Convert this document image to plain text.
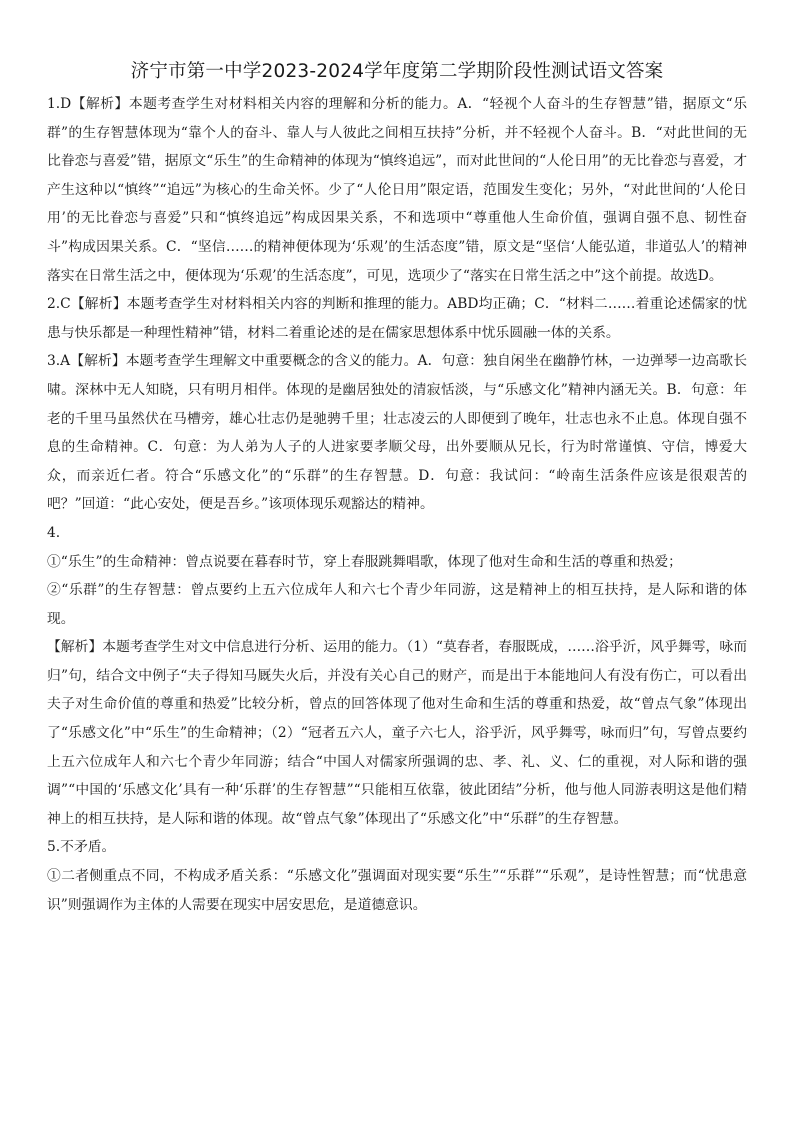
济宁市第一中学2023-2024学年度第二学期阶段性测试语文答案

1.D【解析】本题考查学生对材料相关内容的理解和分析的能力。A．“轻视个人奋斗的生存智慧”错，据原文“乐群”的生存智慧体现为“靠个人的奋斗、靠人与人彼此之间相互扶持”分析，并不轻视个人奋斗。B．“对此世间的无比眷恋与喜爱”错，据原文“乐生”的生命精神的体现为“慎终追远”，而对此世间的“人伦日用”的无比眷恋与喜爱，才产生这种以“慎终”“追远”为核心的生命关怀。少了“人伦日用”限定语，范围发生变化；另外，“对此世间的‘人伦日用’的无比眷恋与喜爱”只和“慎终追远”构成因果关系，不和选项中“尊重他人生命价值，强调自强不息、韧性奋斗”构成因果关系。C．“坚信……的精神便体现为‘乐观’的生活态度”错，原文是“坚信‘人能弘道，非道弘人’的精神落实在日常生活之中，便体现为‘乐观’的生活态度”，可见，选项少了“落实在日常生活之中”这个前提。故选D。

2.C【解析】本题考查学生对材料相关内容的判断和推理的能力。ABD均正确；C．“材料二……着重论述儒家的忧患与快乐都是一种理性精神”错，材料二着重论述的是在儒家思想体系中忧乐圆融一体的关系。

3.A【解析】本题考查学生理解文中重要概念的含义的能力。A．句意：独自闲坐在幽静竹林，一边弹琴一边高歌长啸。深林中无人知晓，只有明月相伴。体现的是幽居独处的清寂恬淡，与“乐感文化”精神内涵无关。B．句意：年老的千里马虽然伏在马槽旁，雄心壮志仍是驰骋千里；壮志凌云的人即便到了晚年，壮志也永不止息。体现自强不息的生命精神。C．句意：为人弟为人子的人进家要孝顺父母，出外要顺从兄长，行为时常谨慎、守信，博爱大众，而亲近仁者。符合“乐感文化”的“乐群”的生存智慧。D．句意：我试问：“岭南生活条件应该是很艰苦的吧？”回道：“此心安处，便是吾乡。”该项体现乐观豁达的精神。

4.

①“乐生”的生命精神：曾点说要在暮春时节，穿上春服跳舞唱歌，体现了他对生命和生活的尊重和热爱；

②“乐群”的生存智慧：曾点要约上五六位成年人和六七个青少年同游，这是精神上的相互扶持，是人际和谐的体现。

【解析】本题考查学生对文中信息进行分析、运用的能力。（1）“莫春者，春服既成，……浴乎沂，风乎舞雩，咏而归”句，结合文中例子“夫子得知马厩失火后，并没有关心自己的财产，而是出于本能地问人有没有伤亡，可以看出夫子对生命价值的尊重和热爱”比较分析，曾点的回答体现了他对生命和生活的尊重和热爱，故“曾点气象”体现出了“乐感文化”中“乐生”的生命精神；（2）“冠者五六人，童子六七人，浴乎沂，风乎舞雩，咏而归”句，写曾点要约上五六位成年人和六七个青少年同游；结合“中国人对儒家所强调的忠、孝、礼、义、仁的重视，对人际和谐的强调”“中国的‘乐感文化’具有一种‘乐群’的生存智慧”“只能相互依靠，彼此团结”分析，他与他人同游表明这是他们精神上的相互扶持，是人际和谐的体现。故“曾点气象”体现出了“乐感文化”中“乐群”的生存智慧。

5.不矛盾。

①二者侧重点不同，不构成矛盾关系：“乐感文化”强调面对现实要“乐生”“乐群”“乐观”，是诗性智慧；而“忧患意识”则强调作为主体的人需要在现实中居安思危，是道德意识。
